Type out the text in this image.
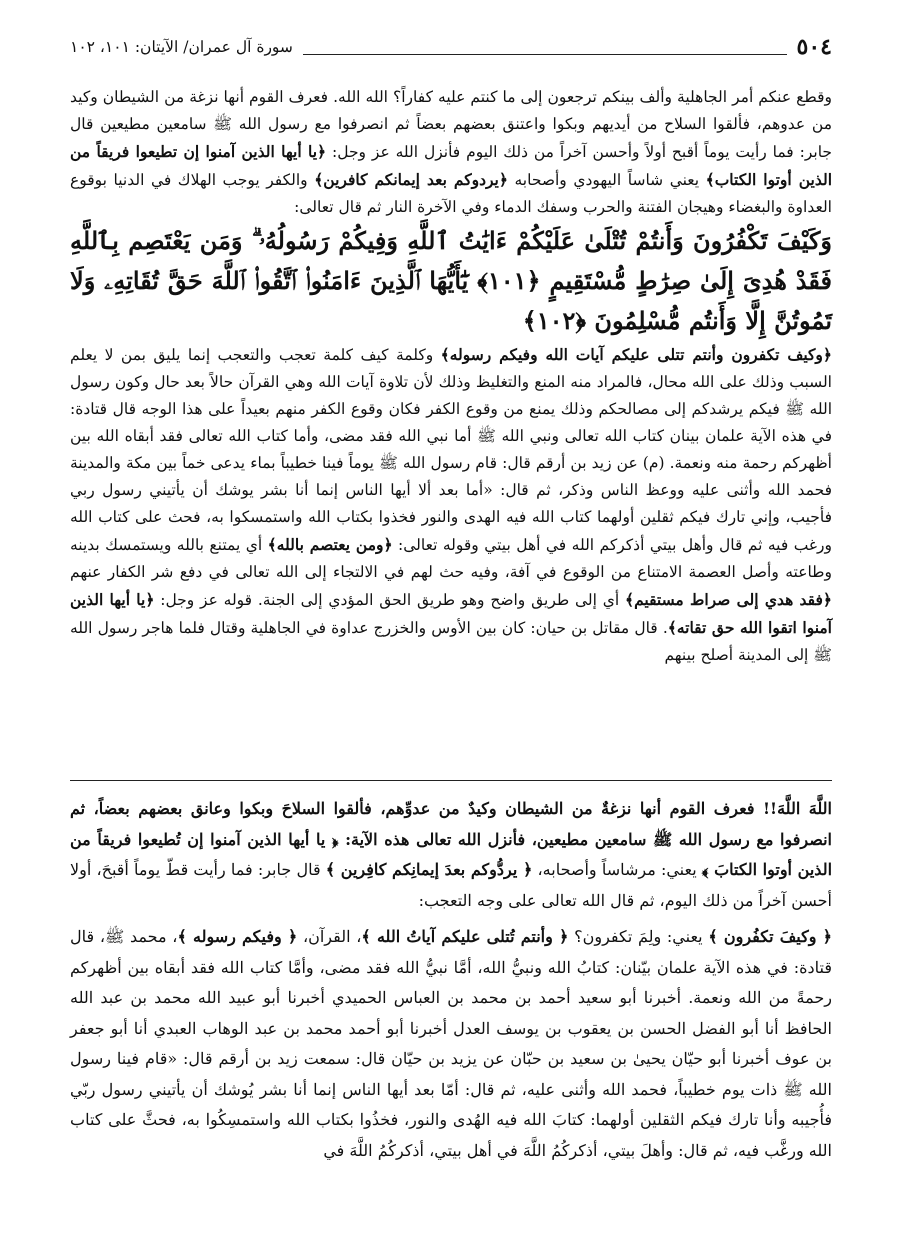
٥٠٤
سورة آل عمران/ الآيتان: ١٠١، ١٠٢

وقطع عنكم أمر الجاهلية وألف بينكم ترجعون إلى ما كنتم عليه كفاراً؟ الله الله. فعرف القوم أنها نزغة من الشيطان وكيد من عدوهم، فألقوا السلاح من أيديهم وبكوا واعتنق بعضهم بعضاً ثم انصرفوا مع رسول الله ﷺ سامعين مطيعين قال جابر: فما رأيت يوماً أقبح أولاً وأحسن آخراً من ذلك اليوم فأنزل الله عز وجل: ﴿يا أيها الذين آمنوا إن تطيعوا فريقاً من الذين أوتوا الكتاب﴾ يعني شاساً اليهودي وأصحابه ﴿يردوكم بعد إيمانكم كافرين﴾ والكفر يوجب الهلاك في الدنيا بوقوع العداوة والبغضاء وهيجان الفتنة والحرب وسفك الدماء وفي الآخرة النار ثم قال تعالى:

وَكَيْفَ تَكْفُرُونَ وَأَنتُمْ تُتْلَىٰ عَلَيْكُمْ ءَايَٰتُ ٱللَّهِ وَفِيكُمْ رَسُولُهُۥ ۗ وَمَن يَعْتَصِم بِٱللَّهِ فَقَدْ هُدِىَ إِلَىٰ صِرَٰطٍ مُّسْتَقِيمٍ ﴿١٠١﴾ يَٰٓأَيُّهَا ٱلَّذِينَ ءَامَنُوا۟ ٱتَّقُوا۟ ٱللَّهَ حَقَّ تُقَاتِهِۦ وَلَا تَمُوتُنَّ إِلَّا وَأَنتُم مُّسْلِمُونَ ﴿١٠٢﴾

﴿وكيف تكفرون وأنتم تتلى عليكم آيات الله وفيكم رسوله﴾ وكلمة كيف كلمة تعجب والتعجب إنما يليق بمن لا يعلم السبب وذلك على الله محال، فالمراد منه المنع والتغليظ وذلك لأن تلاوة آيات الله وهي القرآن حالاً بعد حال وكون رسول الله ﷺ فيكم يرشدكم إلى مصالحكم وذلك يمنع من وقوع الكفر فكان وقوع الكفر منهم بعيداً على هذا الوجه قال قتادة: في هذه الآية علمان بينان كتاب الله تعالى ونبي الله ﷺ أما نبي الله فقد مضى، وأما كتاب الله تعالى فقد أبقاه الله بين أظهركم رحمة منه ونعمة. (م) عن زيد بن أرقم قال: قام رسول الله ﷺ يوماً فينا خطيباً بماء يدعى خماً بين مكة والمدينة فحمد الله وأثنى عليه ووعظ الناس وذكر، ثم قال: «أما بعد ألا أيها الناس إنما أنا بشر يوشك أن يأتيني رسول ربي فأجيب، وإني تارك فيكم ثقلين أولهما كتاب الله فيه الهدى والنور فخذوا بكتاب الله واستمسكوا به، فحث على كتاب الله ورغب فيه ثم قال وأهل بيتي أذكركم الله في أهل بيتي وقوله تعالى: ﴿ومن يعتصم بالله﴾ أي يمتنع بالله ويستمسك بدينه وطاعته وأصل العصمة الامتناع من الوقوع في آفة، وفيه حث لهم في الالتجاء إلى الله تعالى في دفع شر الكفار عنهم ﴿فقد هدي إلى صراط مستقيم﴾ أي إلى طريق واضح وهو طريق الحق المؤدي إلى الجنة. قوله عز وجل: ﴿يا أيها الذين آمنوا اتقوا الله حق تقاته﴾. قال مقاتل بن حيان: كان بين الأوس والخزرج عداوة في الجاهلية وقتال فلما هاجر رسول الله ﷺ إلى المدينة أصلح بينهم

اللَّهَ اللَّهَ!! فعرف القوم أنها نزغةٌ من الشيطان وكيدٌ من عدوِّهم، فألقوا السلاحَ وبكوا وعانق بعضهم بعضاً، ثم انصرفوا مع رسول الله ﷺ سامعين مطيعين، فأنزل الله تعالى هذه الآية: ﴿ يا أيها الذين آمنوا إن تُطيعوا فريقاً من الذين أوتوا الكتابَ ﴾ يعني: مرشاساً وأصحابه، ﴿ يردُّوكم بعدَ إيمانِكم كافِرين ﴾ قال جابر: فما رأيت قطّ يوماً أقبحَ، أولا أحسن آخراً من ذلك اليوم، ثم قال الله تعالى على وجه التعجب:

﴿ وكيفَ تكفُرون ﴾ يعني: ولِمَ تكفرون؟ ﴿ وأنتم تُتلى عليكم آياتُ الله ﴾، القرآن، ﴿ وفيكم رسوله ﴾، محمد ﷺ، قال قتادة: في هذه الآية علمان بيّنان: كتابُ الله ونبيُّ الله، أمَّا نبيُّ الله فقد مضى، وأمَّا كتاب الله فقد أبقاه بين أظهركم رحمةً من الله ونعمة. أخبرنا أبو سعيد أحمد بن محمد بن العباس الحميدي أخبرنا أبو عبيد الله محمد بن عبد الله الحافظ أنا أبو الفضل الحسن بن يعقوب بن يوسف العدل أخبرنا أبو أحمد محمد بن عبد الوهاب العبدي أنا أبو جعفر بن عوف أخبرنا أبو حيّان يحيىٰ بن سعيد بن حبّان عن يزيد بن حيّان قال: سمعت زيد بن أرقم قال: «قام فينا رسول الله ﷺ ذات يوم خطيباً، فحمد الله وأثنى عليه، ثم قال: أمّا بعد أيها الناس إنما أنا بشر يُوشك أن يأتيني رسول ربّي فأُجيبه وأنا تارك فيكم الثقلين أولهما: كتابَ الله فيه الهُدى والنور، فخذُوا بكتاب الله واستمسِكُوا به، فحثَّ على كتاب الله ورغَّب فيه، ثم قال: وأهلَ بيتي، أذكركُمُ اللَّهَ في أهل بيتي، أذكركُمُ اللَّهَ في
